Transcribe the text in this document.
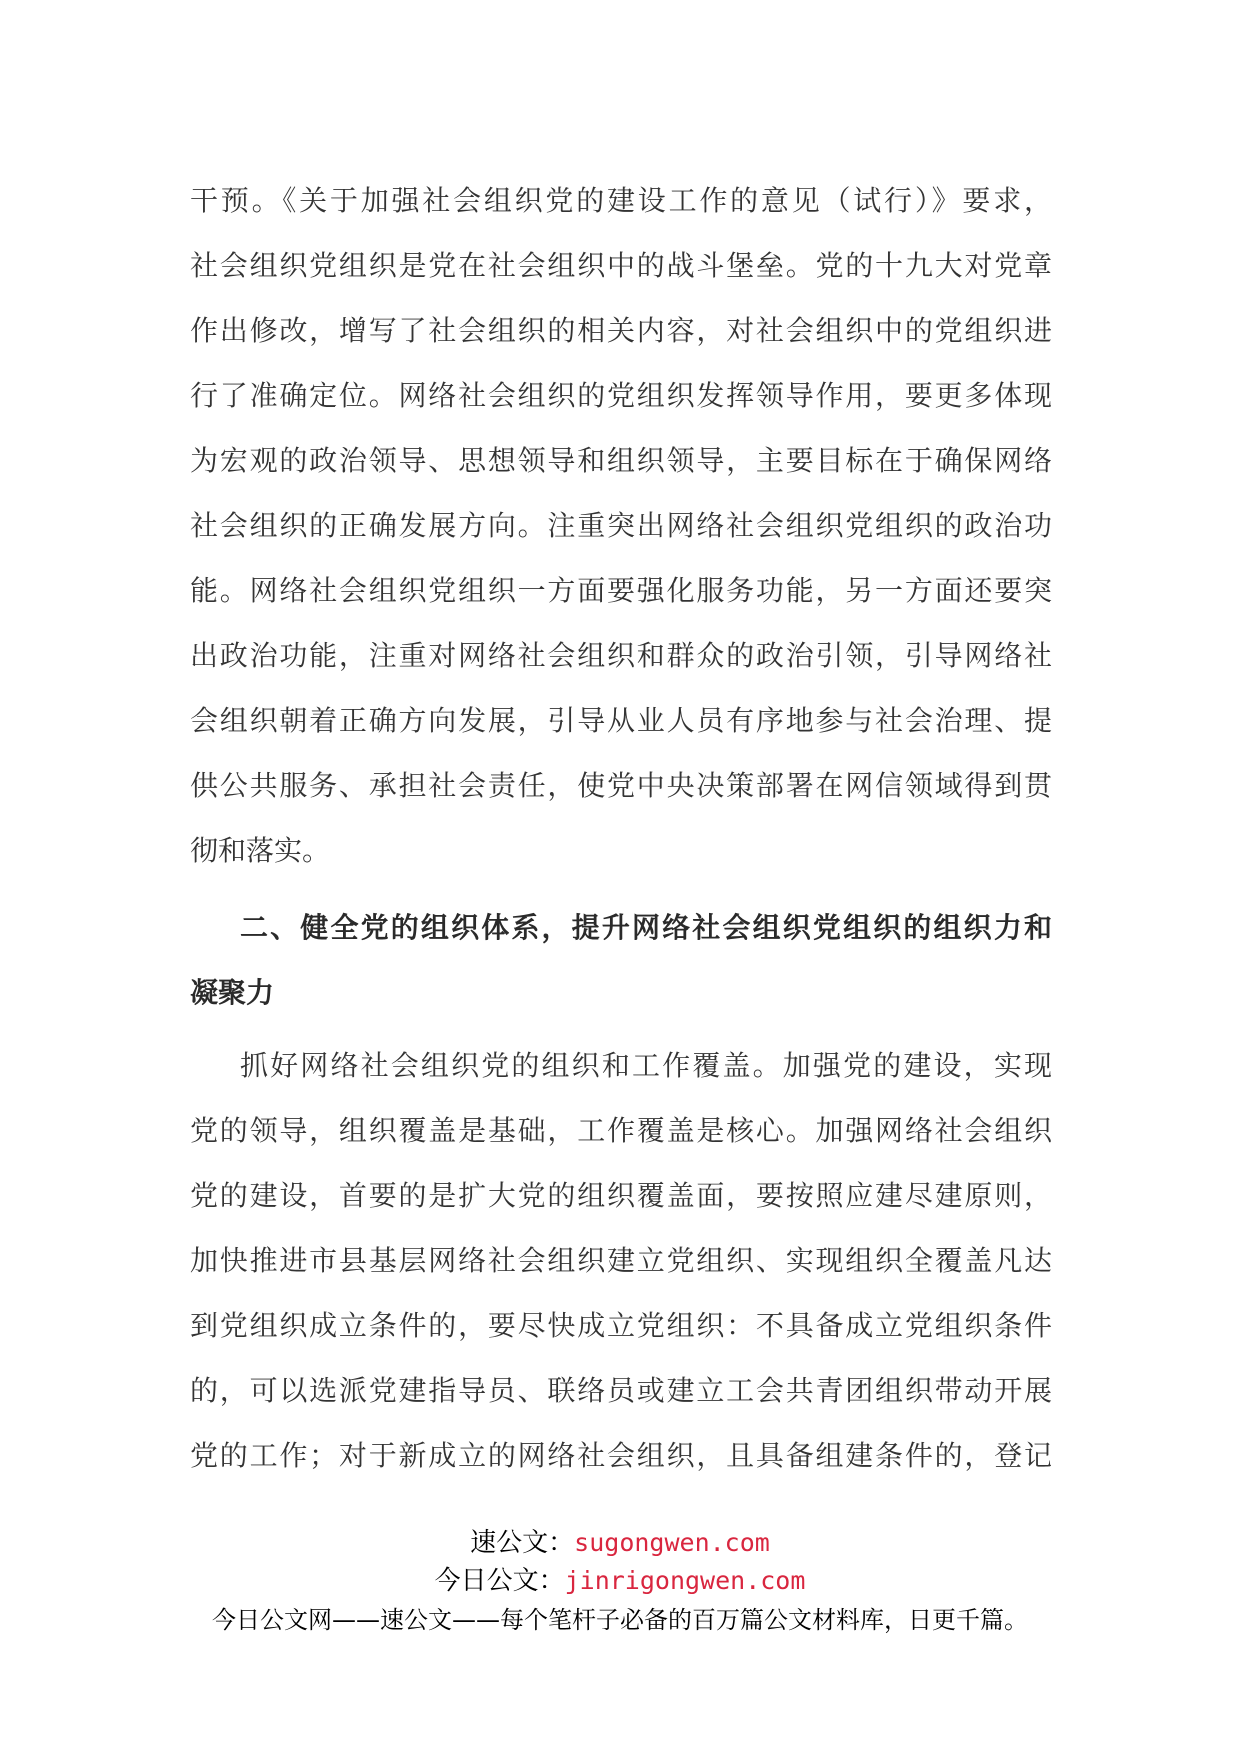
干预。《关于加强社会组织党的建设工作的意见（试行）》要求，
社会组织党组织是党在社会组织中的战斗堡垒。党的十九大对党章
作出修改，增写了社会组织的相关内容，对社会组织中的党组织进
行了准确定位。网络社会组织的党组织发挥领导作用，要更多体现
为宏观的政治领导、思想领导和组织领导，主要目标在于确保网络
社会组织的正确发展方向。注重突出网络社会组织党组织的政治功
能。网络社会组织党组织一方面要强化服务功能，另一方面还要突
出政治功能，注重对网络社会组织和群众的政治引领，引导网络社
会组织朝着正确方向发展，引导从业人员有序地参与社会治理、提
供公共服务、承担社会责任，使党中央决策部署在网信领域得到贯
彻和落实。
二、健全党的组织体系，提升网络社会组织党组织的组织力和
凝聚力
抓好网络社会组织党的组织和工作覆盖。加强党的建设，实现
党的领导，组织覆盖是基础，工作覆盖是核心。加强网络社会组织
党的建设，首要的是扩大党的组织覆盖面，要按照应建尽建原则，
加快推进市县基层网络社会组织建立党组织、实现组织全覆盖凡达
到党组织成立条件的，要尽快成立党组织：不具备成立党组织条件
的，可以选派党建指导员、联络员或建立工会共青团组织带动开展
党的工作；对于新成立的网络社会组织，且具备组建条件的，登记
速公文：sugongwen.com
今日公文：jinrigongwen.com
今日公文网——速公文——每个笔杆子必备的百万篇公文材料库，日更千篇。
